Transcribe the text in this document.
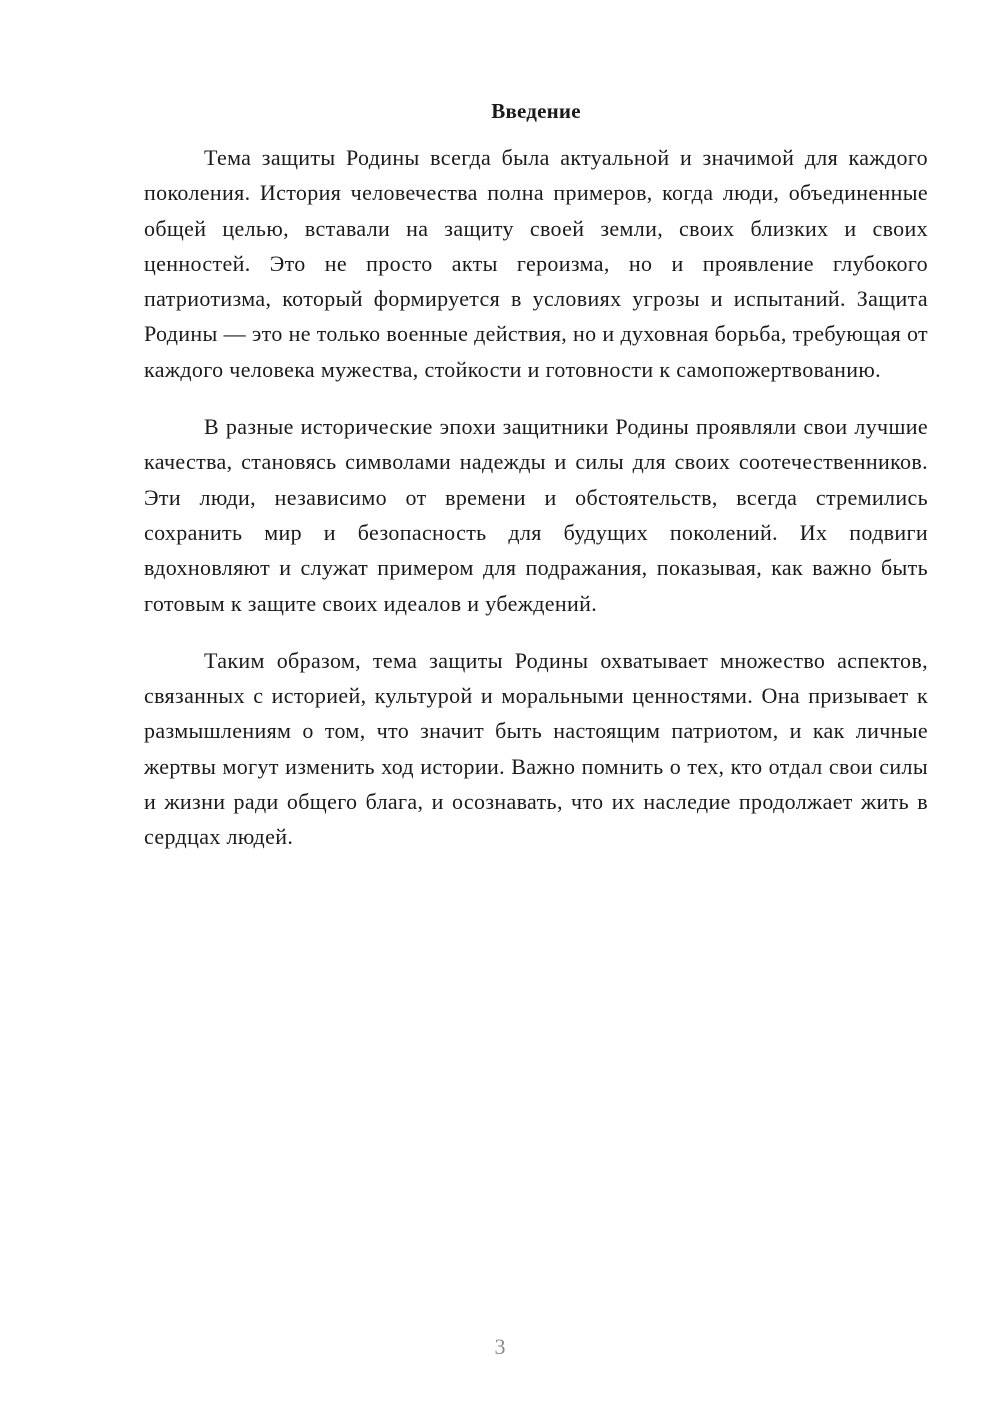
Введение

Тема защиты Родины всегда была актуальной и значимой для каждого поколения. История человечества полна примеров, когда люди, объединенные общей целью, вставали на защиту своей земли, своих близких и своих ценностей. Это не просто акты героизма, но и проявление глубокого патриотизма, который формируется в условиях угрозы и испытаний. Защита Родины — это не только военные действия, но и духовная борьба, требующая от каждого человека мужества, стойкости и готовности к самопожертвованию.

В разные исторические эпохи защитники Родины проявляли свои лучшие качества, становясь символами надежды и силы для своих соотечественников. Эти люди, независимо от времени и обстоятельств, всегда стремились сохранить мир и безопасность для будущих поколений. Их подвиги вдохновляют и служат примером для подражания, показывая, как важно быть готовым к защите своих идеалов и убеждений.

Таким образом, тема защиты Родины охватывает множество аспектов, связанных с историей, культурой и моральными ценностями. Она призывает к размышлениям о том, что значит быть настоящим патриотом, и как личные жертвы могут изменить ход истории. Важно помнить о тех, кто отдал свои силы и жизни ради общего блага, и осознавать, что их наследие продолжает жить в сердцах людей.

3
